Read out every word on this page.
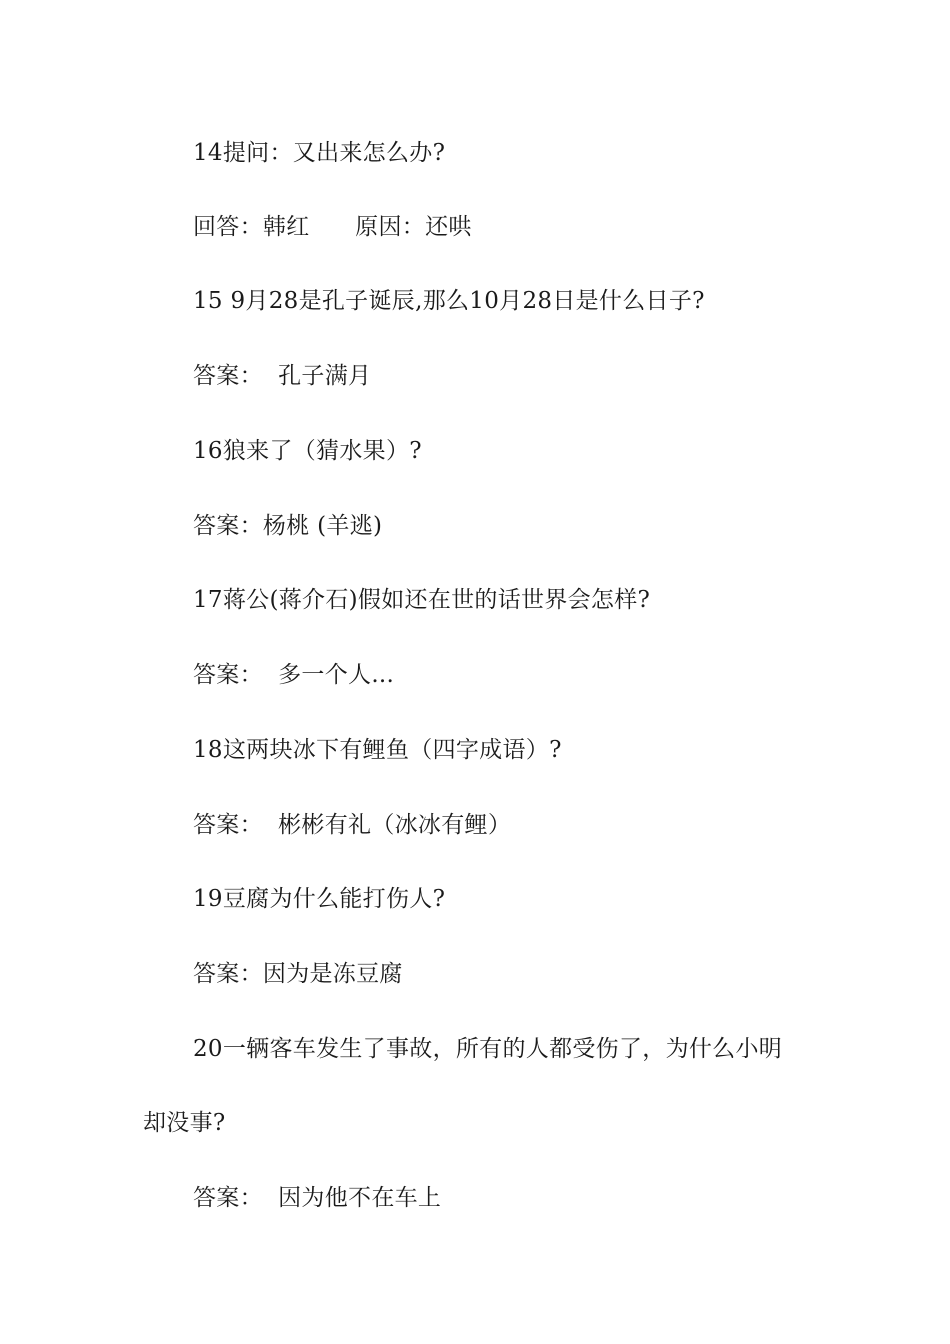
14提问：又出来怎么办?
回答：韩红      原因：还哄
15 9月28是孔子诞辰,那么10月28日是什么日子?
答案：  孔子满月
16狼来了（猜水果）?
答案：杨桃 (羊逃)
17蒋公(蒋介石)假如还在世的话世界会怎样?
答案：  多一个人...
18这两块冰下有鲤鱼（四字成语）?
答案：  彬彬有礼（冰冰有鲤）
19豆腐为什么能打伤人?
答案：因为是冻豆腐
20一辆客车发生了事故，所有的人都受伤了，为什么小明
却没事?
答案：  因为他不在车上
